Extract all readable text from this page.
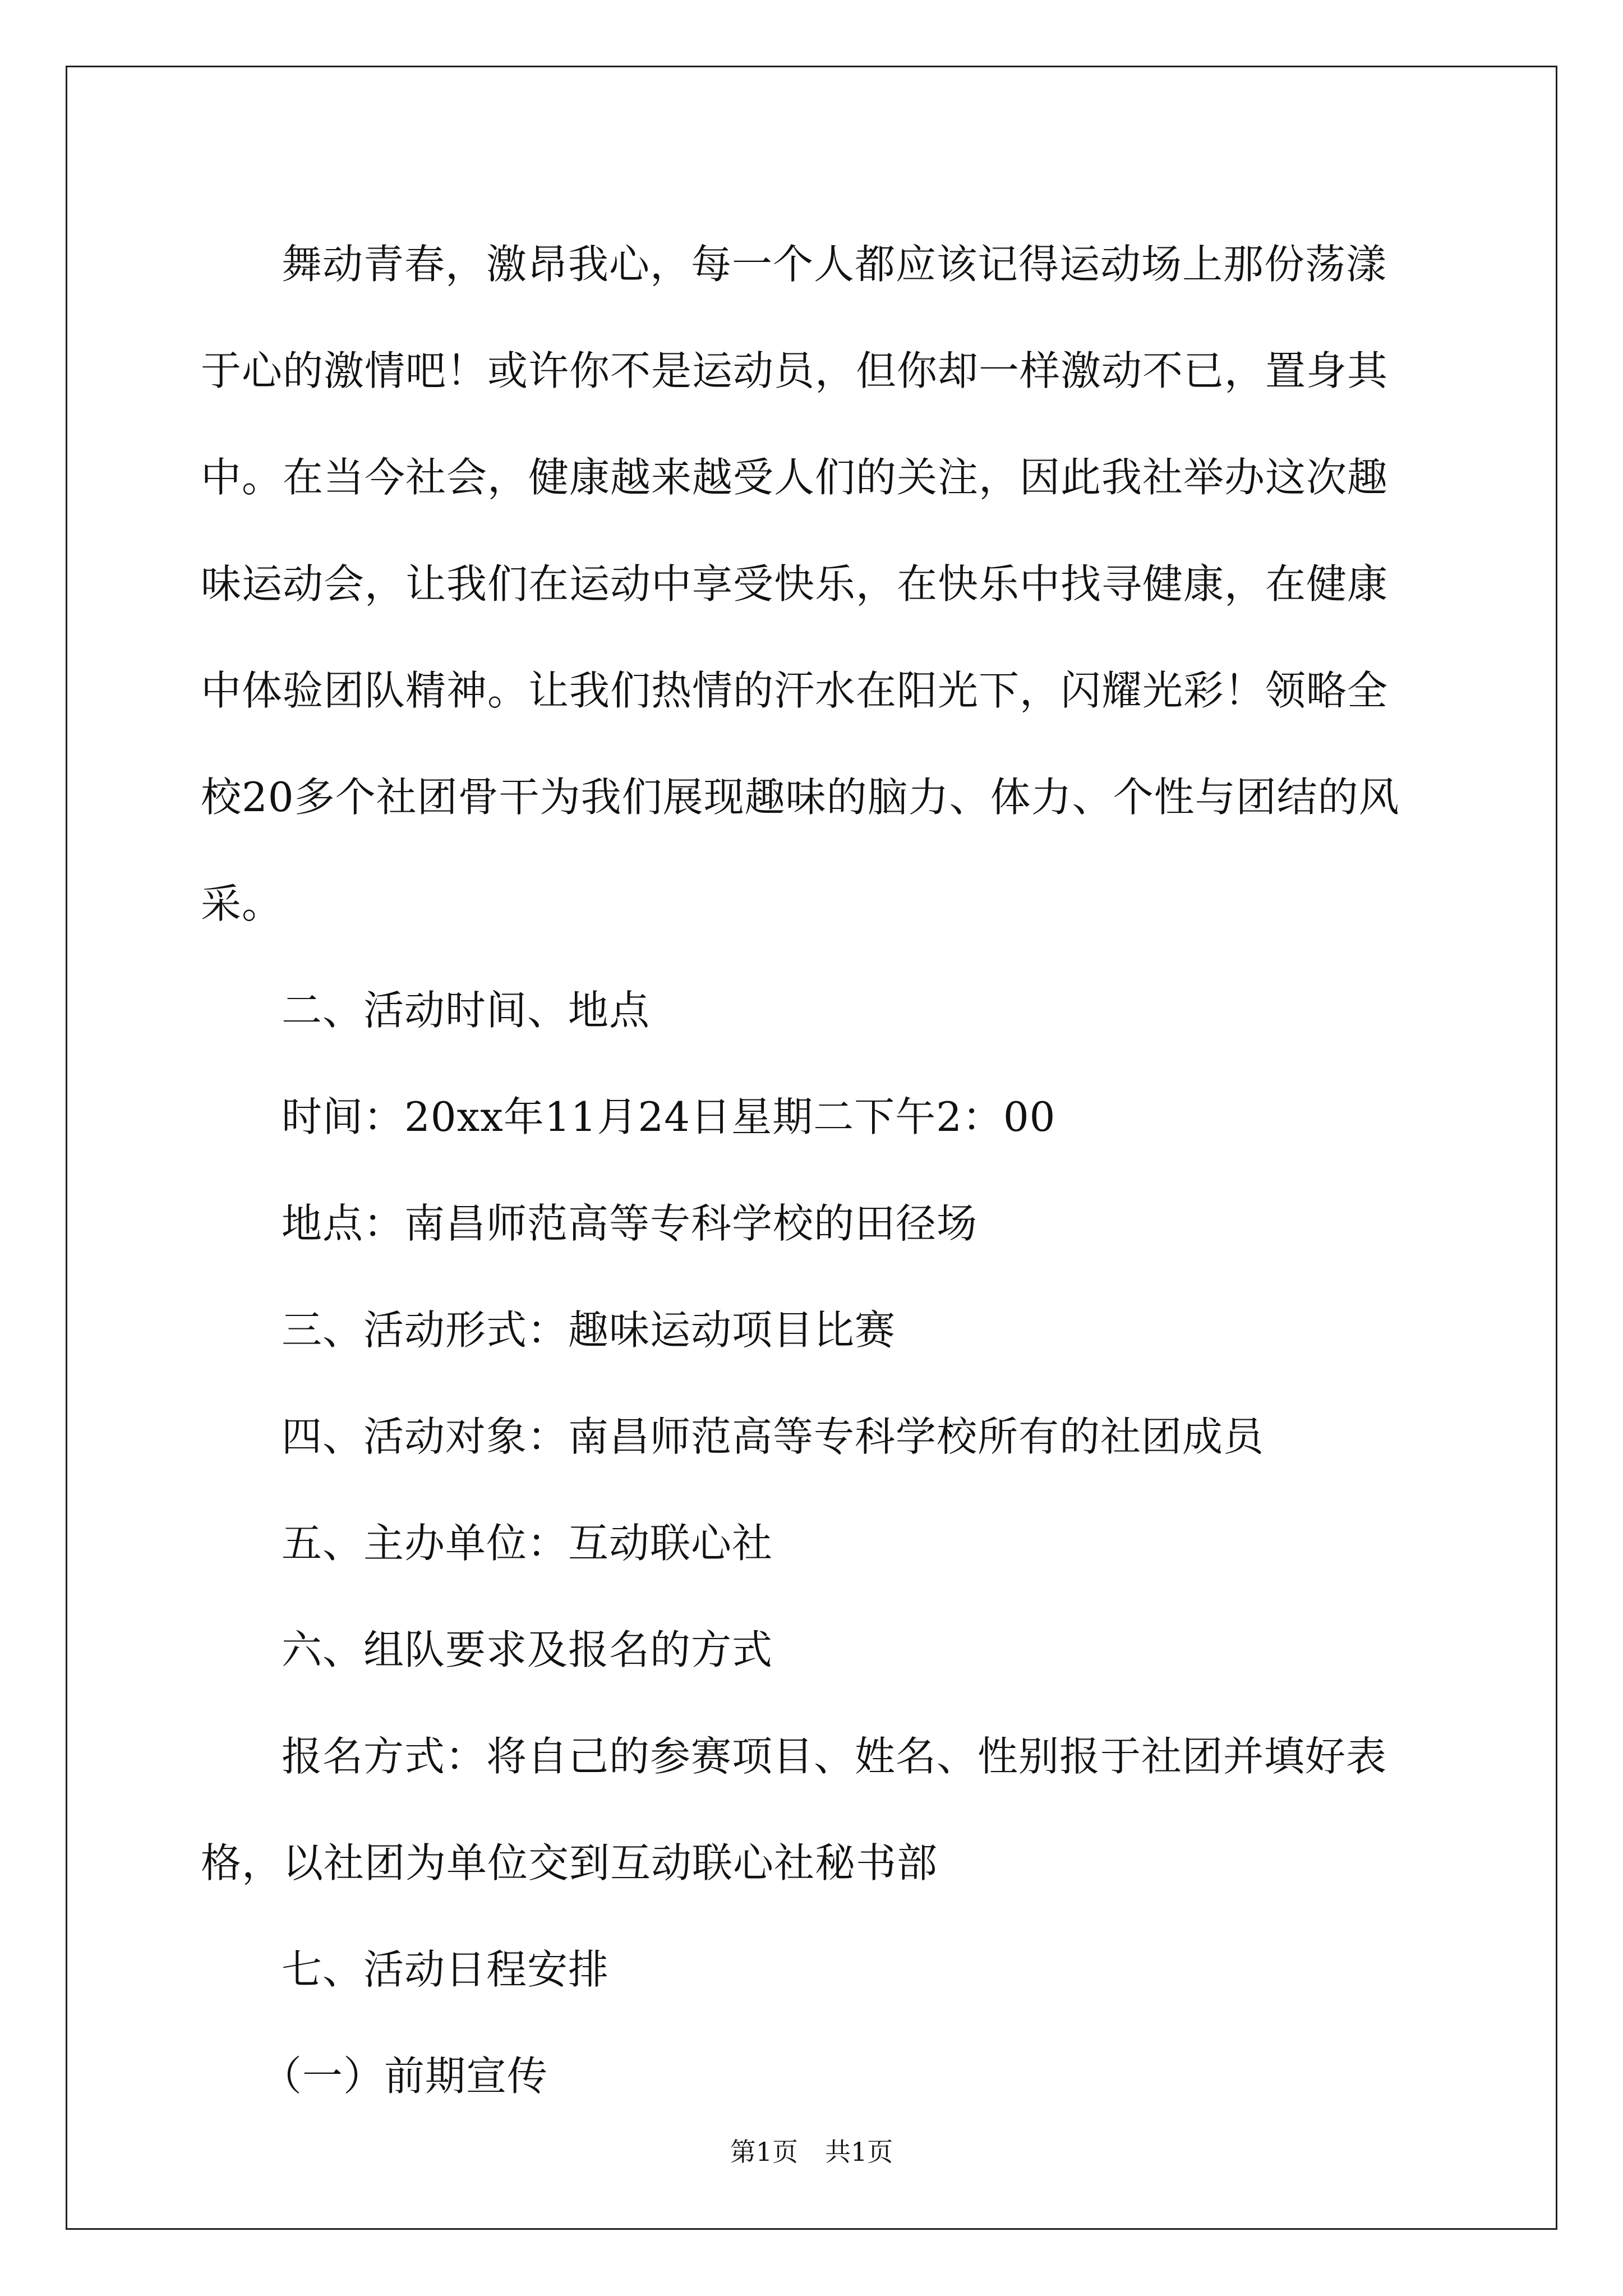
舞动青春，激昂我心，每一个人都应该记得运动场上那份荡漾于心的激情吧！或许你不是运动员，但你却一样激动不已，置身其中。在当今社会，健康越来越受人们的关注，因此我社举办这次趣味运动会，让我们在运动中享受快乐，在快乐中找寻健康，在健康中体验团队精神。让我们热情的汗水在阳光下，闪耀光彩！领略全校20多个社团骨干为我们展现趣味的脑力、体力、个性与团结的风采。

二、活动时间、地点

时间：20xx年11月24日星期二下午2：00

地点：南昌师范高等专科学校的田径场

三、活动形式：趣味运动项目比赛

四、活动对象：南昌师范高等专科学校所有的社团成员

五、主办单位：互动联心社

六、组队要求及报名的方式

报名方式：将自己的参赛项目、姓名、性别报于社团并填好表格，以社团为单位交到互动联心社秘书部

七、活动日程安排

（一）前期宣传

第1页 共1页
